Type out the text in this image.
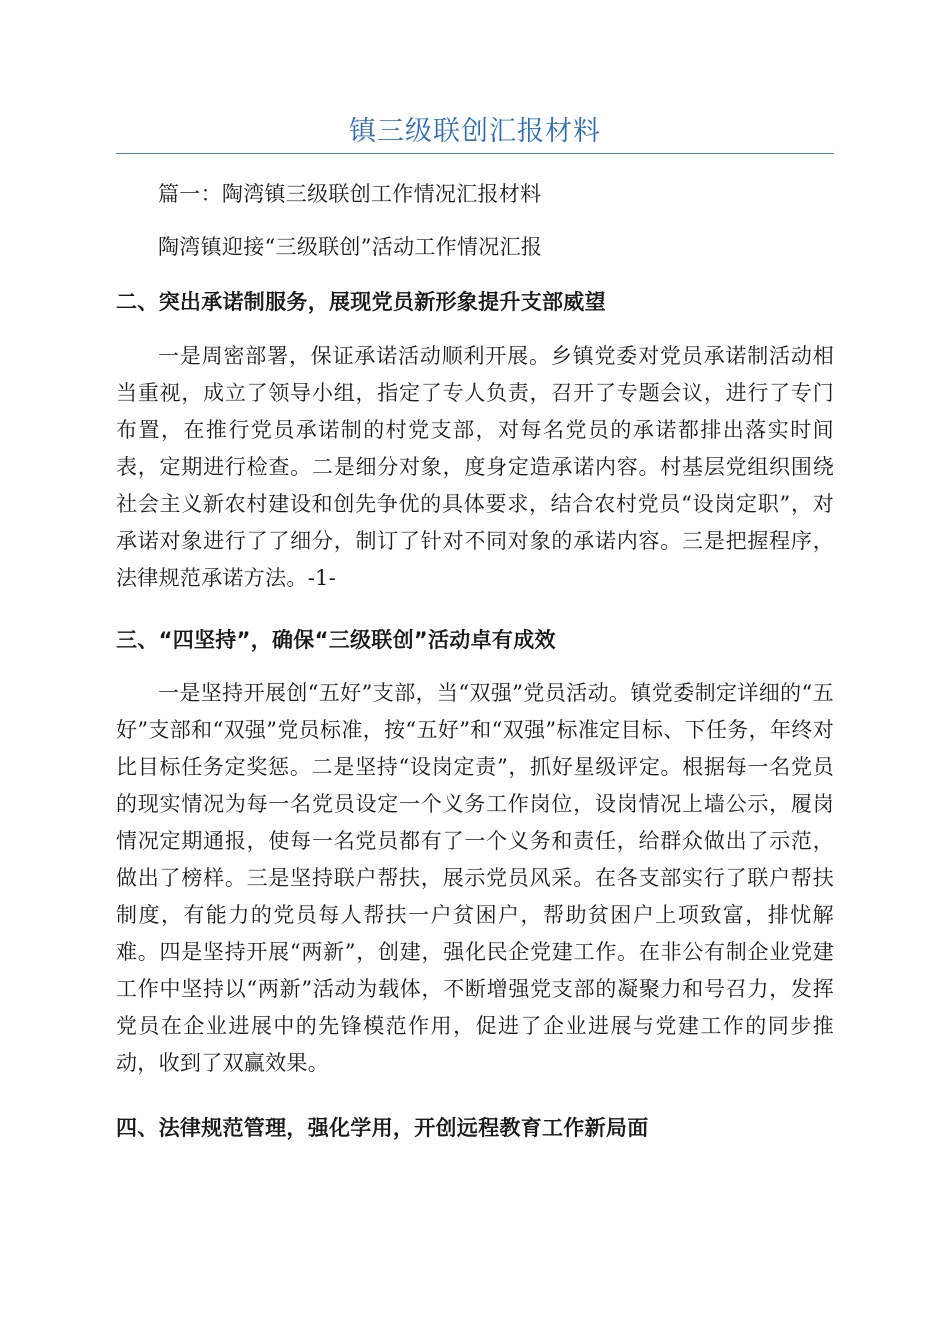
镇三级联创汇报材料

篇一：陶湾镇三级联创工作情况汇报材料

陶湾镇迎接“三级联创”活动工作情况汇报

二、突出承诺制服务，展现党员新形象提升支部威望

一是周密部署，保证承诺活动顺利开展。乡镇党委对党员承诺制活动相当重视，成立了领导小组，指定了专人负责，召开了专题会议，进行了专门布置，在推行党员承诺制的村党支部，对每名党员的承诺都排出落实时间表，定期进行检查。二是细分对象，度身定造承诺内容。村基层党组织围绕社会主义新农村建设和创先争优的具体要求，结合农村党员“设岗定职”，对承诺对象进行了了细分，制订了针对不同对象的承诺内容。三是把握程序，法律规范承诺方法。-1-

三、“四坚持”，确保“三级联创”活动卓有成效

一是坚持开展创“五好”支部，当“双强”党员活动。镇党委制定详细的“五好”支部和“双强”党员标准，按“五好”和“双强”标准定目标、下任务，年终对比目标任务定奖惩。二是坚持“设岗定责”，抓好星级评定。根据每一名党员的现实情况为每一名党员设定一个义务工作岗位，设岗情况上墙公示，履岗情况定期通报，使每一名党员都有了一个义务和责任，给群众做出了示范，做出了榜样。三是坚持联户帮扶，展示党员风采。在各支部实行了联户帮扶制度，有能力的党员每人帮扶一户贫困户，帮助贫困户上项致富，排忧解难。四是坚持开展“两新”，创建，强化民企党建工作。在非公有制企业党建工作中坚持以“两新”活动为载体，不断增强党支部的凝聚力和号召力，发挥党员在企业进展中的先锋模范作用，促进了企业进展与党建工作的同步推动，收到了双赢效果。

四、法律规范管理，强化学用，开创远程教育工作新局面
